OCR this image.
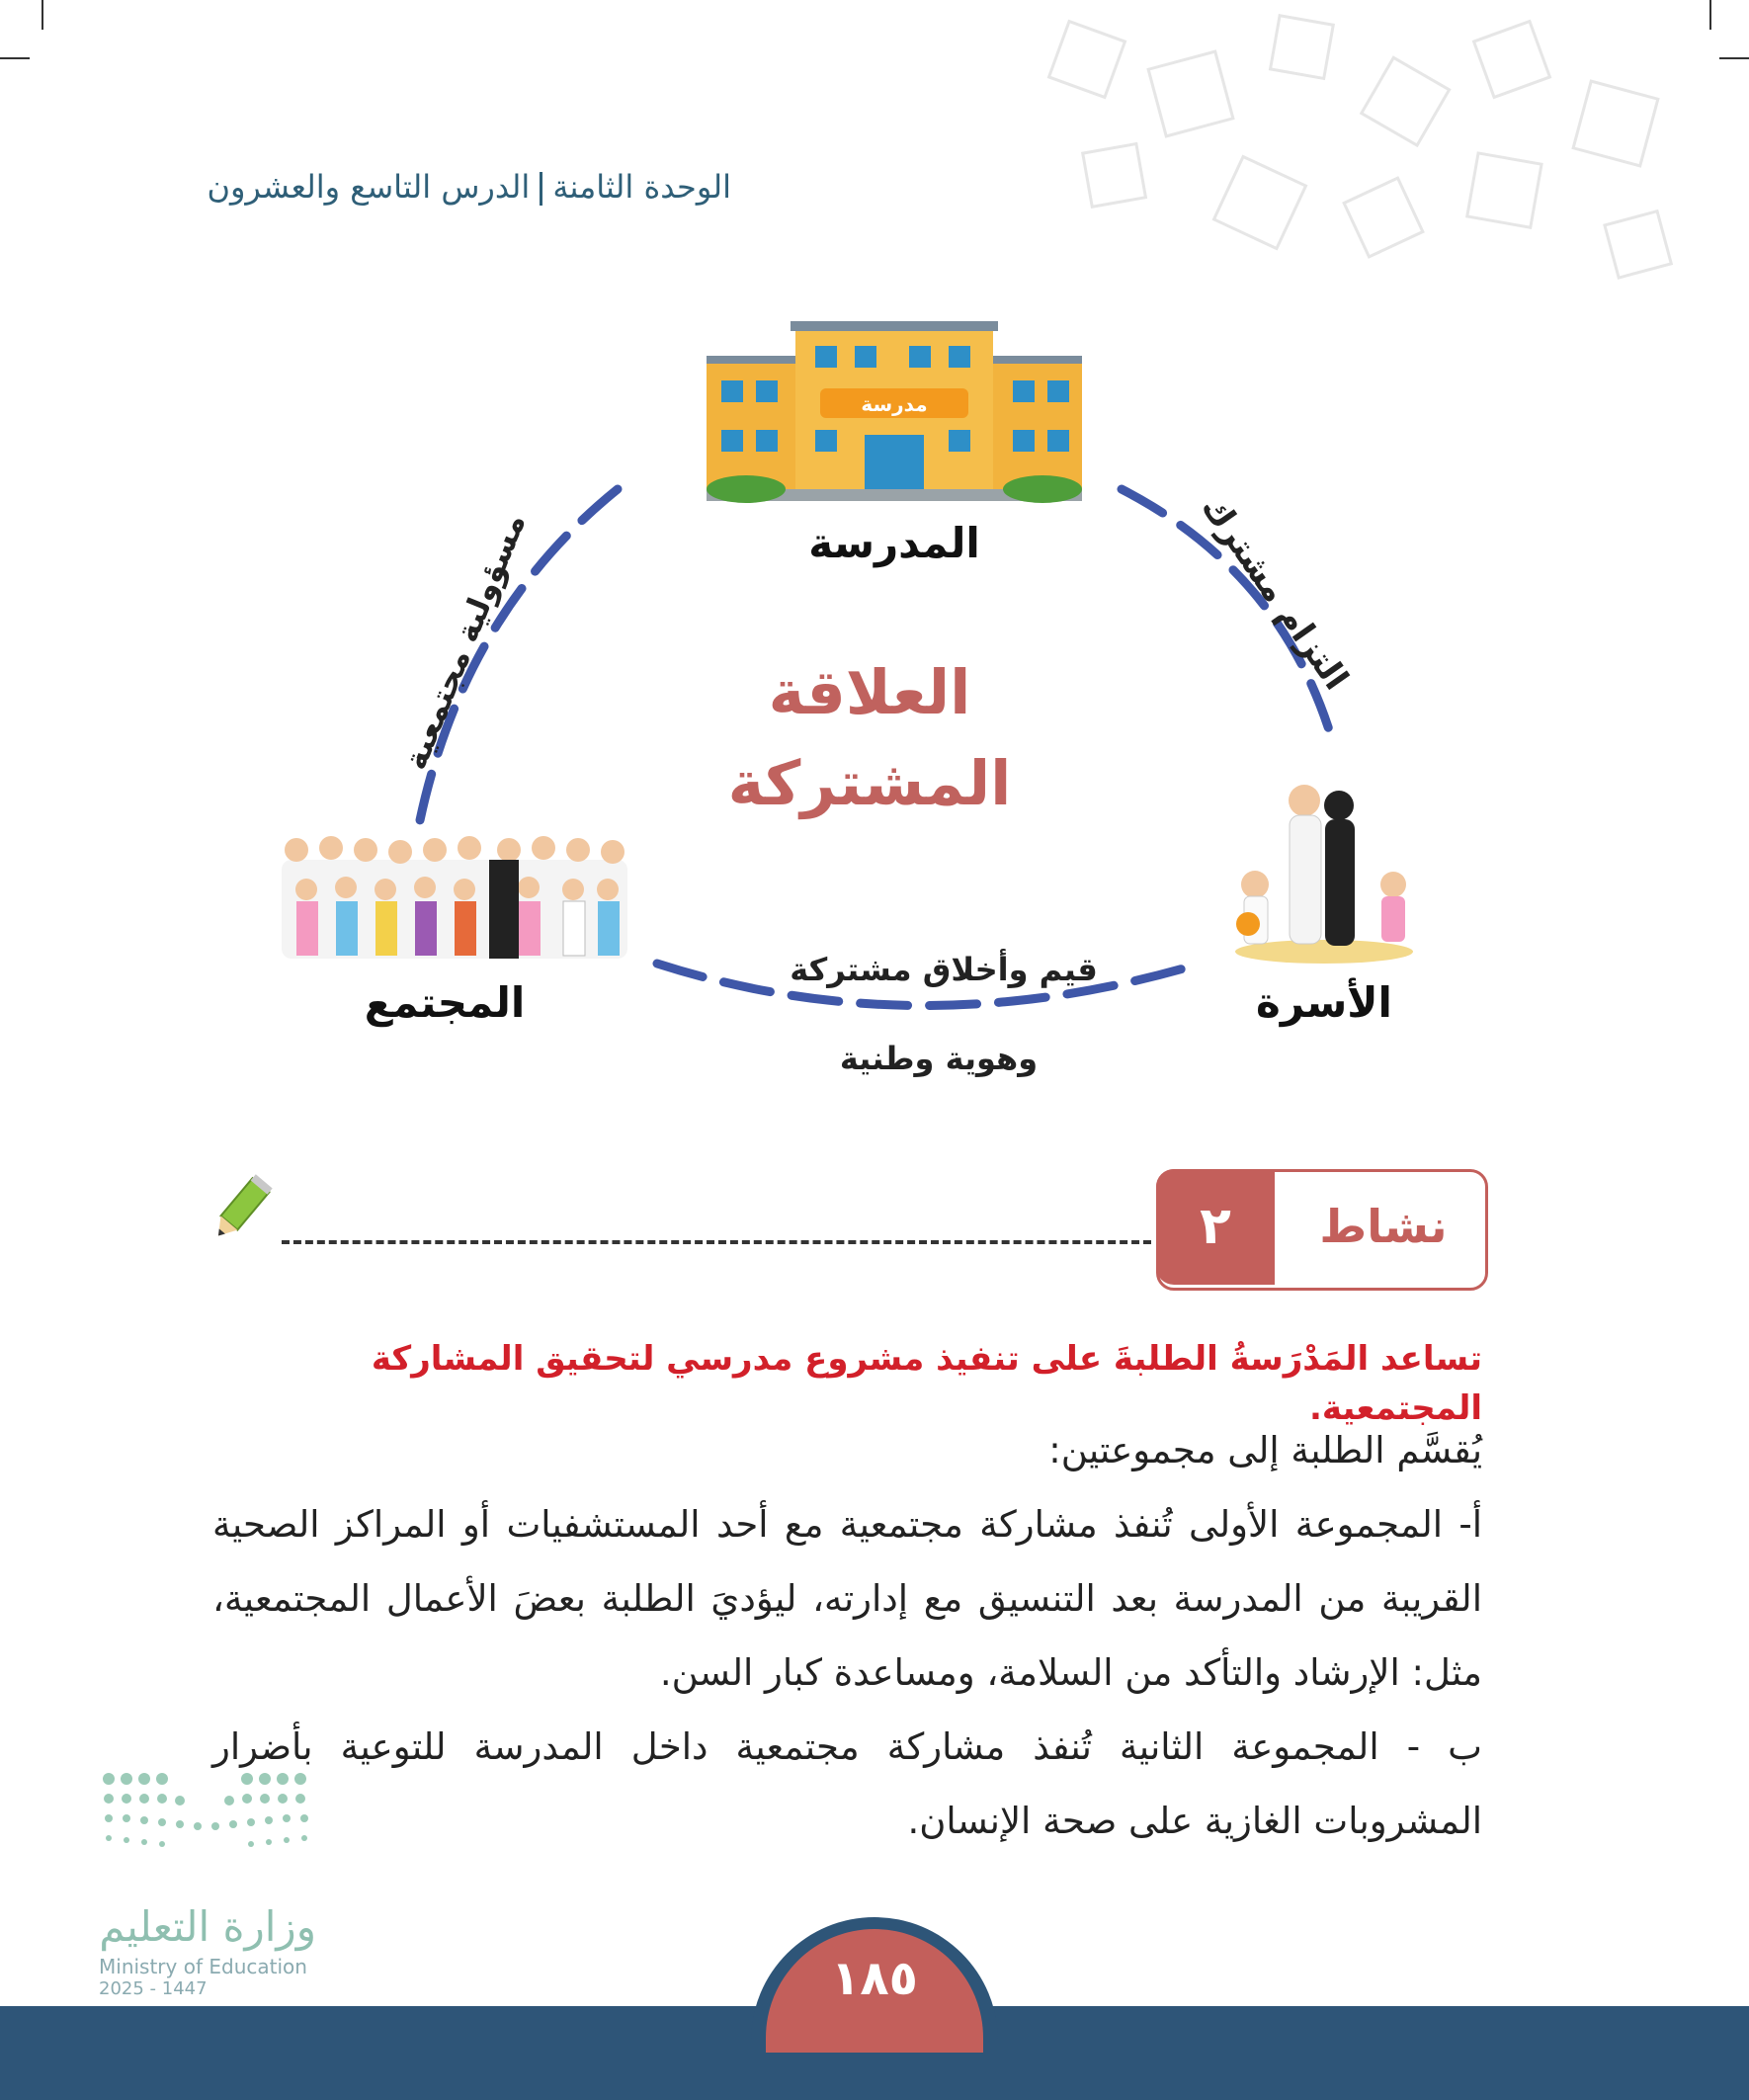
الوحدة الثامنةالدرس التاسع والعشرون
مدرسة
المدرسة
الأسرة
المجتمع
العلاقة
المشتركة
التزام مشترك
مسؤولية مجتمعية
قيم وأخلاق مشتركة
وهوية وطنية
٢	نشاط
تساعد المَدْرَسةُ الطلبةَ على تنفيذ مشروع مدرسي لتحقيق المشاركة المجتمعية.

يُقسَّم الطلبة إلى مجموعتين:

أ- المجموعة الأولى تُنفذ مشاركة مجتمعية مع أحد المستشفيات أو المراكز الصحية القريبة من المدرسة بعد التنسيق مع إدارته، ليؤديَ الطلبة بعضَ الأعمال المجتمعية، مثل: الإرشاد والتأكد من السلامة، ومساعدة كبار السن.

ب - المجموعة الثانية تُنفذ مشاركة مجتمعية داخل المدرسة للتوعية بأضرار المشروبات الغازية على صحة الإنسان.

وزارة التعليم
Ministry of Education
2025 - 1447	١٨٥
